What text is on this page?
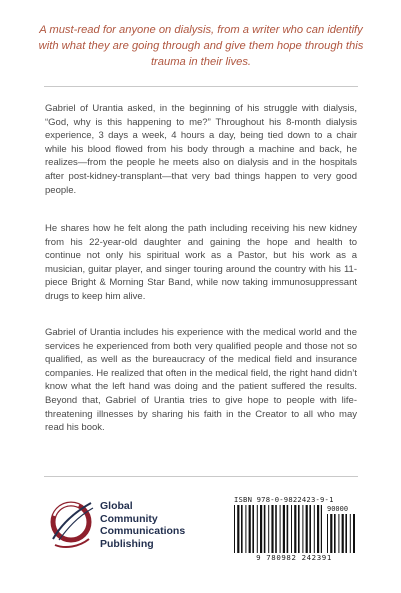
A must-read for anyone on dialysis, from a writer who can identify with what they are going through and give them hope through this trauma in their lives.

Gabriel of Urantia asked, in the beginning of his struggle with dialysis, “God, why is this happening to me?” Throughout his 8-month dialysis experience, 3 days a week, 4 hours a day, being tied down to a chair while his blood flowed from his body through a machine and back, he realizes—from the people he meets also on dialysis and in the hospitals after post-kidney-transplant—that very bad things happen to very good people.

He shares how he felt along the path including receiving his new kidney from his 22-year-old daughter and gaining the hope and health to continue not only his spiritual work as a Pastor, but his work as a musician, guitar player, and singer touring around the country with his 11-piece Bright & Morning Star Band, while now taking immunosuppressant drugs to keep him alive.

Gabriel of Urantia includes his experience with the medical world and the services he experienced from both very qualified people and those not so qualified, as well as the bureaucracy of the medical field and insurance companies. He realized that often in the medical field, the right hand didn’t know what the left hand was doing and the patient suffered the results. Beyond that, Gabriel of Urantia tries to give hope to people with life-threatening illnesses by sharing his faith in the Creator to all who may read his book.

Global
Community
Communications
Publishing
ISBN 978-0-9822423-9-1
90000
9 780982 242391
